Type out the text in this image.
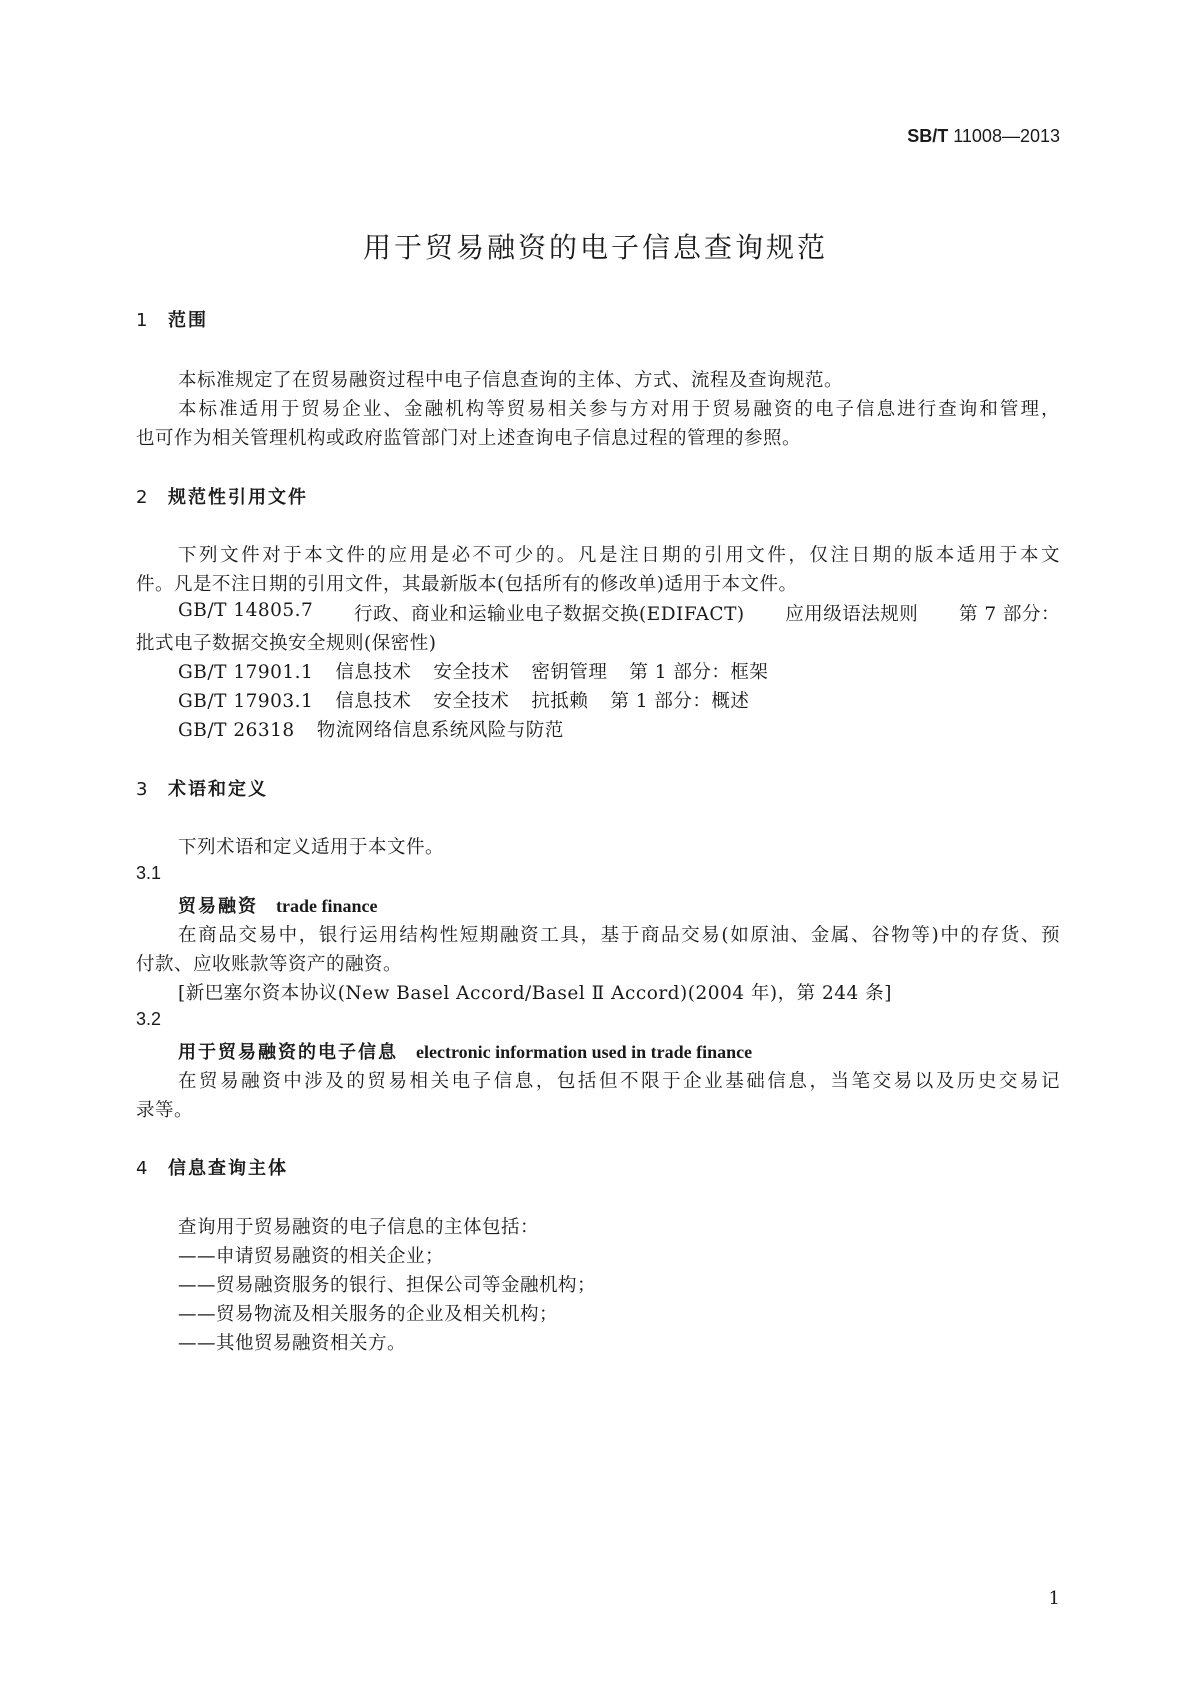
SB/T 11008—2013
用于贸易融资的电子信息查询规范
1 范围
本标准规定了在贸易融资过程中电子信息查询的主体、方式、流程及查询规范。
本标准适用于贸易企业、金融机构等贸易相关参与方对用于贸易融资的电子信息进行查询和管理，
也可作为相关管理机构或政府监管部门对上述查询电子信息过程的管理的参照。
2 规范性引用文件
下列文件对于本文件的应用是必不可少的。凡是注日期的引用文件，仅注日期的版本适用于本文
件。凡是不注日期的引用文件，其最新版本(包括所有的修改单)适用于本文件。
GB/T 14805.7 行政、商业和运输业电子数据交换(EDIFACT) 应用级语法规则 第 7 部分：
批式电子数据交换安全规则(保密性)
GB/T 17901.1 信息技术 安全技术 密钥管理 第 1 部分：框架
GB/T 17903.1 信息技术 安全技术 抗抵赖 第 1 部分：概述
GB/T 26318 物流网络信息系统风险与防范
3 术语和定义
下列术语和定义适用于本文件。
3.1
贸易融资 trade finance
在商品交易中，银行运用结构性短期融资工具，基于商品交易(如原油、金属、谷物等)中的存货、预
付款、应收账款等资产的融资。
[新巴塞尔资本协议(New Basel Accord/Basel Ⅱ Accord)(2004 年)，第 244 条]
3.2
用于贸易融资的电子信息 electronic information used in trade finance
在贸易融资中涉及的贸易相关电子信息，包括但不限于企业基础信息，当笔交易以及历史交易记
录等。
4 信息查询主体
查询用于贸易融资的电子信息的主体包括：
——申请贸易融资的相关企业；
——贸易融资服务的银行、担保公司等金融机构；
——贸易物流及相关服务的企业及相关机构；
——其他贸易融资相关方。
1
